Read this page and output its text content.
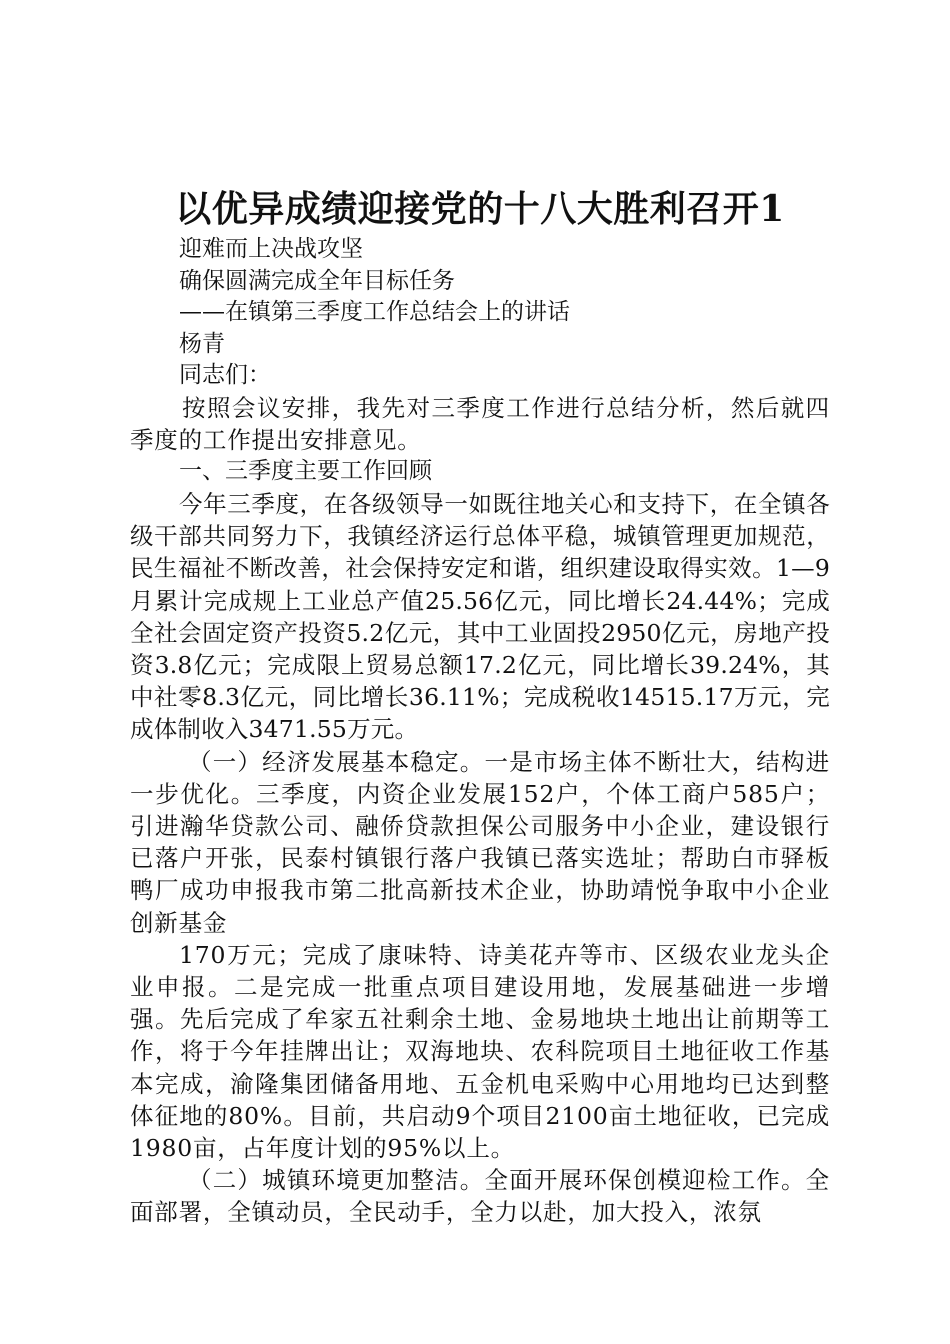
以优异成绩迎接党的十八大胜利召开1

迎难而上决战攻坚

确保圆满完成全年目标任务

——在镇第三季度工作总结会上的讲话

杨青

同志们：

按照会议安排，我先对三季度工作进行总结分析，然后就四季度的工作提出安排意见。

一、三季度主要工作回顾

今年三季度，在各级领导一如既往地关心和支持下，在全镇各级干部共同努力下，我镇经济运行总体平稳，城镇管理更加规范，民生福祉不断改善，社会保持安定和谐，组织建设取得实效。1—9月累计完成规上工业总产值25.56亿元，同比增长24.44%；完成全社会固定资产投资5.2亿元，其中工业固投2950亿元，房地产投资3.8亿元；完成限上贸易总额17.2亿元，同比增长39.24%，其中社零8.3亿元，同比增长36.11%；完成税收14515.17万元，完成体制收入3471.55万元。

（一）经济发展基本稳定。一是市场主体不断壮大，结构进一步优化。三季度，内资企业发展152户，个体工商户585户；引进瀚华贷款公司、融侨贷款担保公司服务中小企业，建设银行已落户开张，民泰村镇银行落户我镇已落实选址；帮助白市驿板鸭厂成功申报我市第二批高新技术企业，协助靖悦争取中小企业创新基金

170万元；完成了康味特、诗美花卉等市、区级农业龙头企业申报。二是完成一批重点项目建设用地，发展基础进一步增强。先后完成了牟家五社剩余土地、金易地块土地出让前期等工作，将于今年挂牌出让；双海地块、农科院项目土地征收工作基本完成，渝隆集团储备用地、五金机电采购中心用地均已达到整体征地的80%。目前，共启动9个项目2100亩土地征收，已完成1980亩，占年度计划的95%以上。

（二）城镇环境更加整洁。全面开展环保创模迎检工作。全面部署，全镇动员，全民动手，全力以赴，加大投入，浓氛
